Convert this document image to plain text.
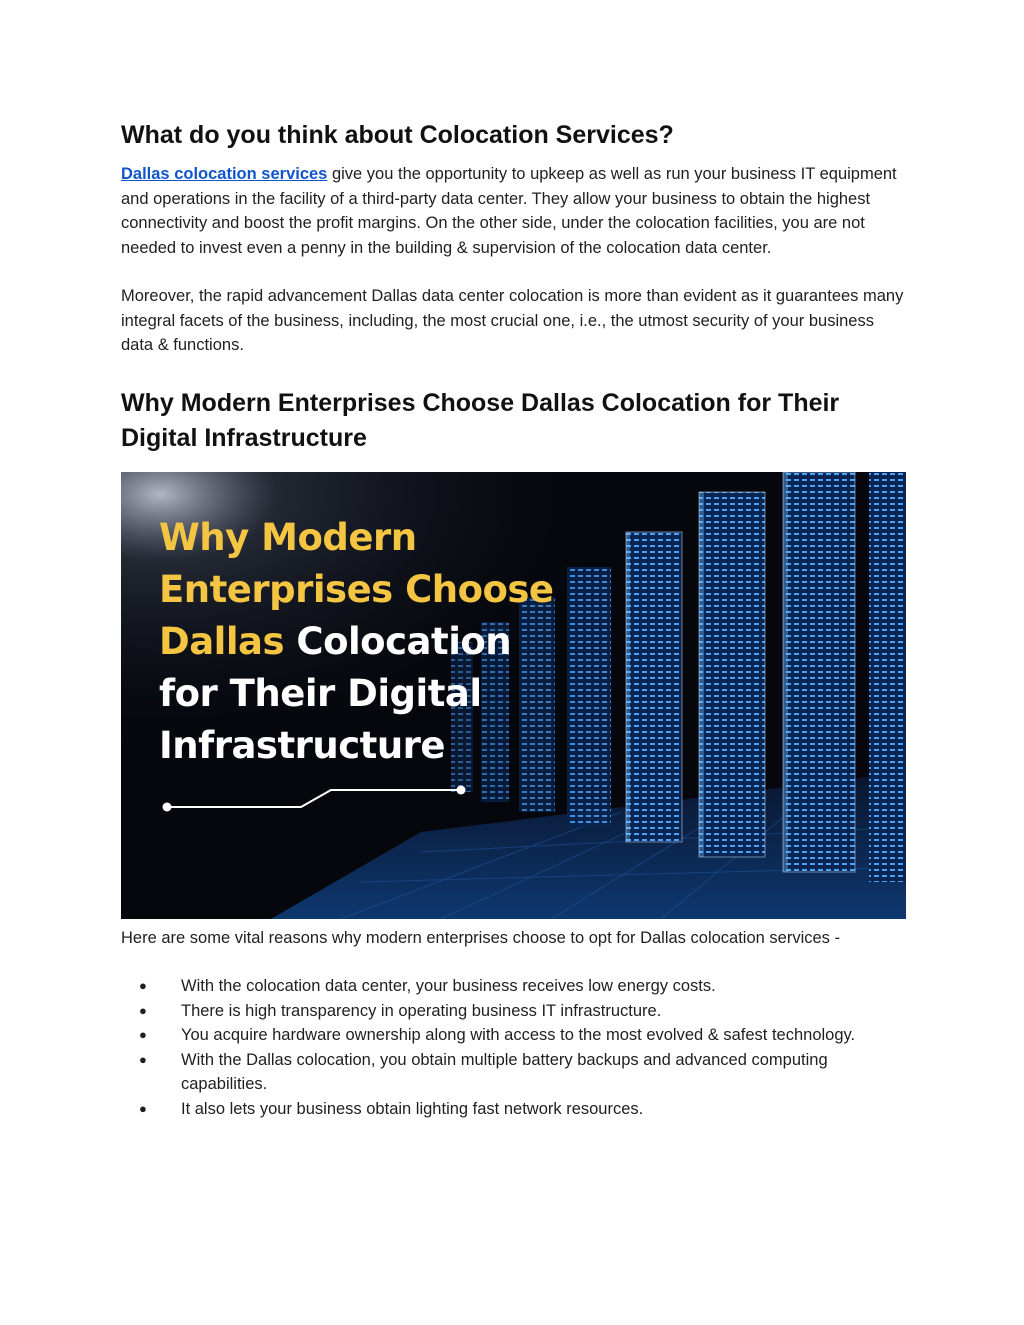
What do you think about Colocation Services?

Dallas colocation services give you the opportunity to upkeep as well as run your business IT equipment and operations in the facility of a third-party data center. They allow your business to obtain the highest connectivity and boost the profit margins. On the other side, under the colocation facilities, you are not needed to invest even a penny in the building & supervision of the colocation data center.

Moreover, the rapid advancement Dallas data center colocation is more than evident as it guarantees many integral facets of the business, including, the most crucial one, i.e., the utmost security of your business data & functions.

Why Modern Enterprises Choose Dallas Colocation for Their Digital Infrastructure
Why Modern
Enterprises Choose
Dallas Colocation
for Their Digital
Infrastructure

Here are some vital reasons why modern enterprises choose to opt for Dallas colocation services -

● With the colocation data center, your business receives low energy costs.
● There is high transparency in operating business IT infrastructure.
● You acquire hardware ownership along with access to the most evolved & safest technology.
● With the Dallas colocation, you obtain multiple battery backups and advanced computing capabilities.
● It also lets your business obtain lighting fast network resources.
